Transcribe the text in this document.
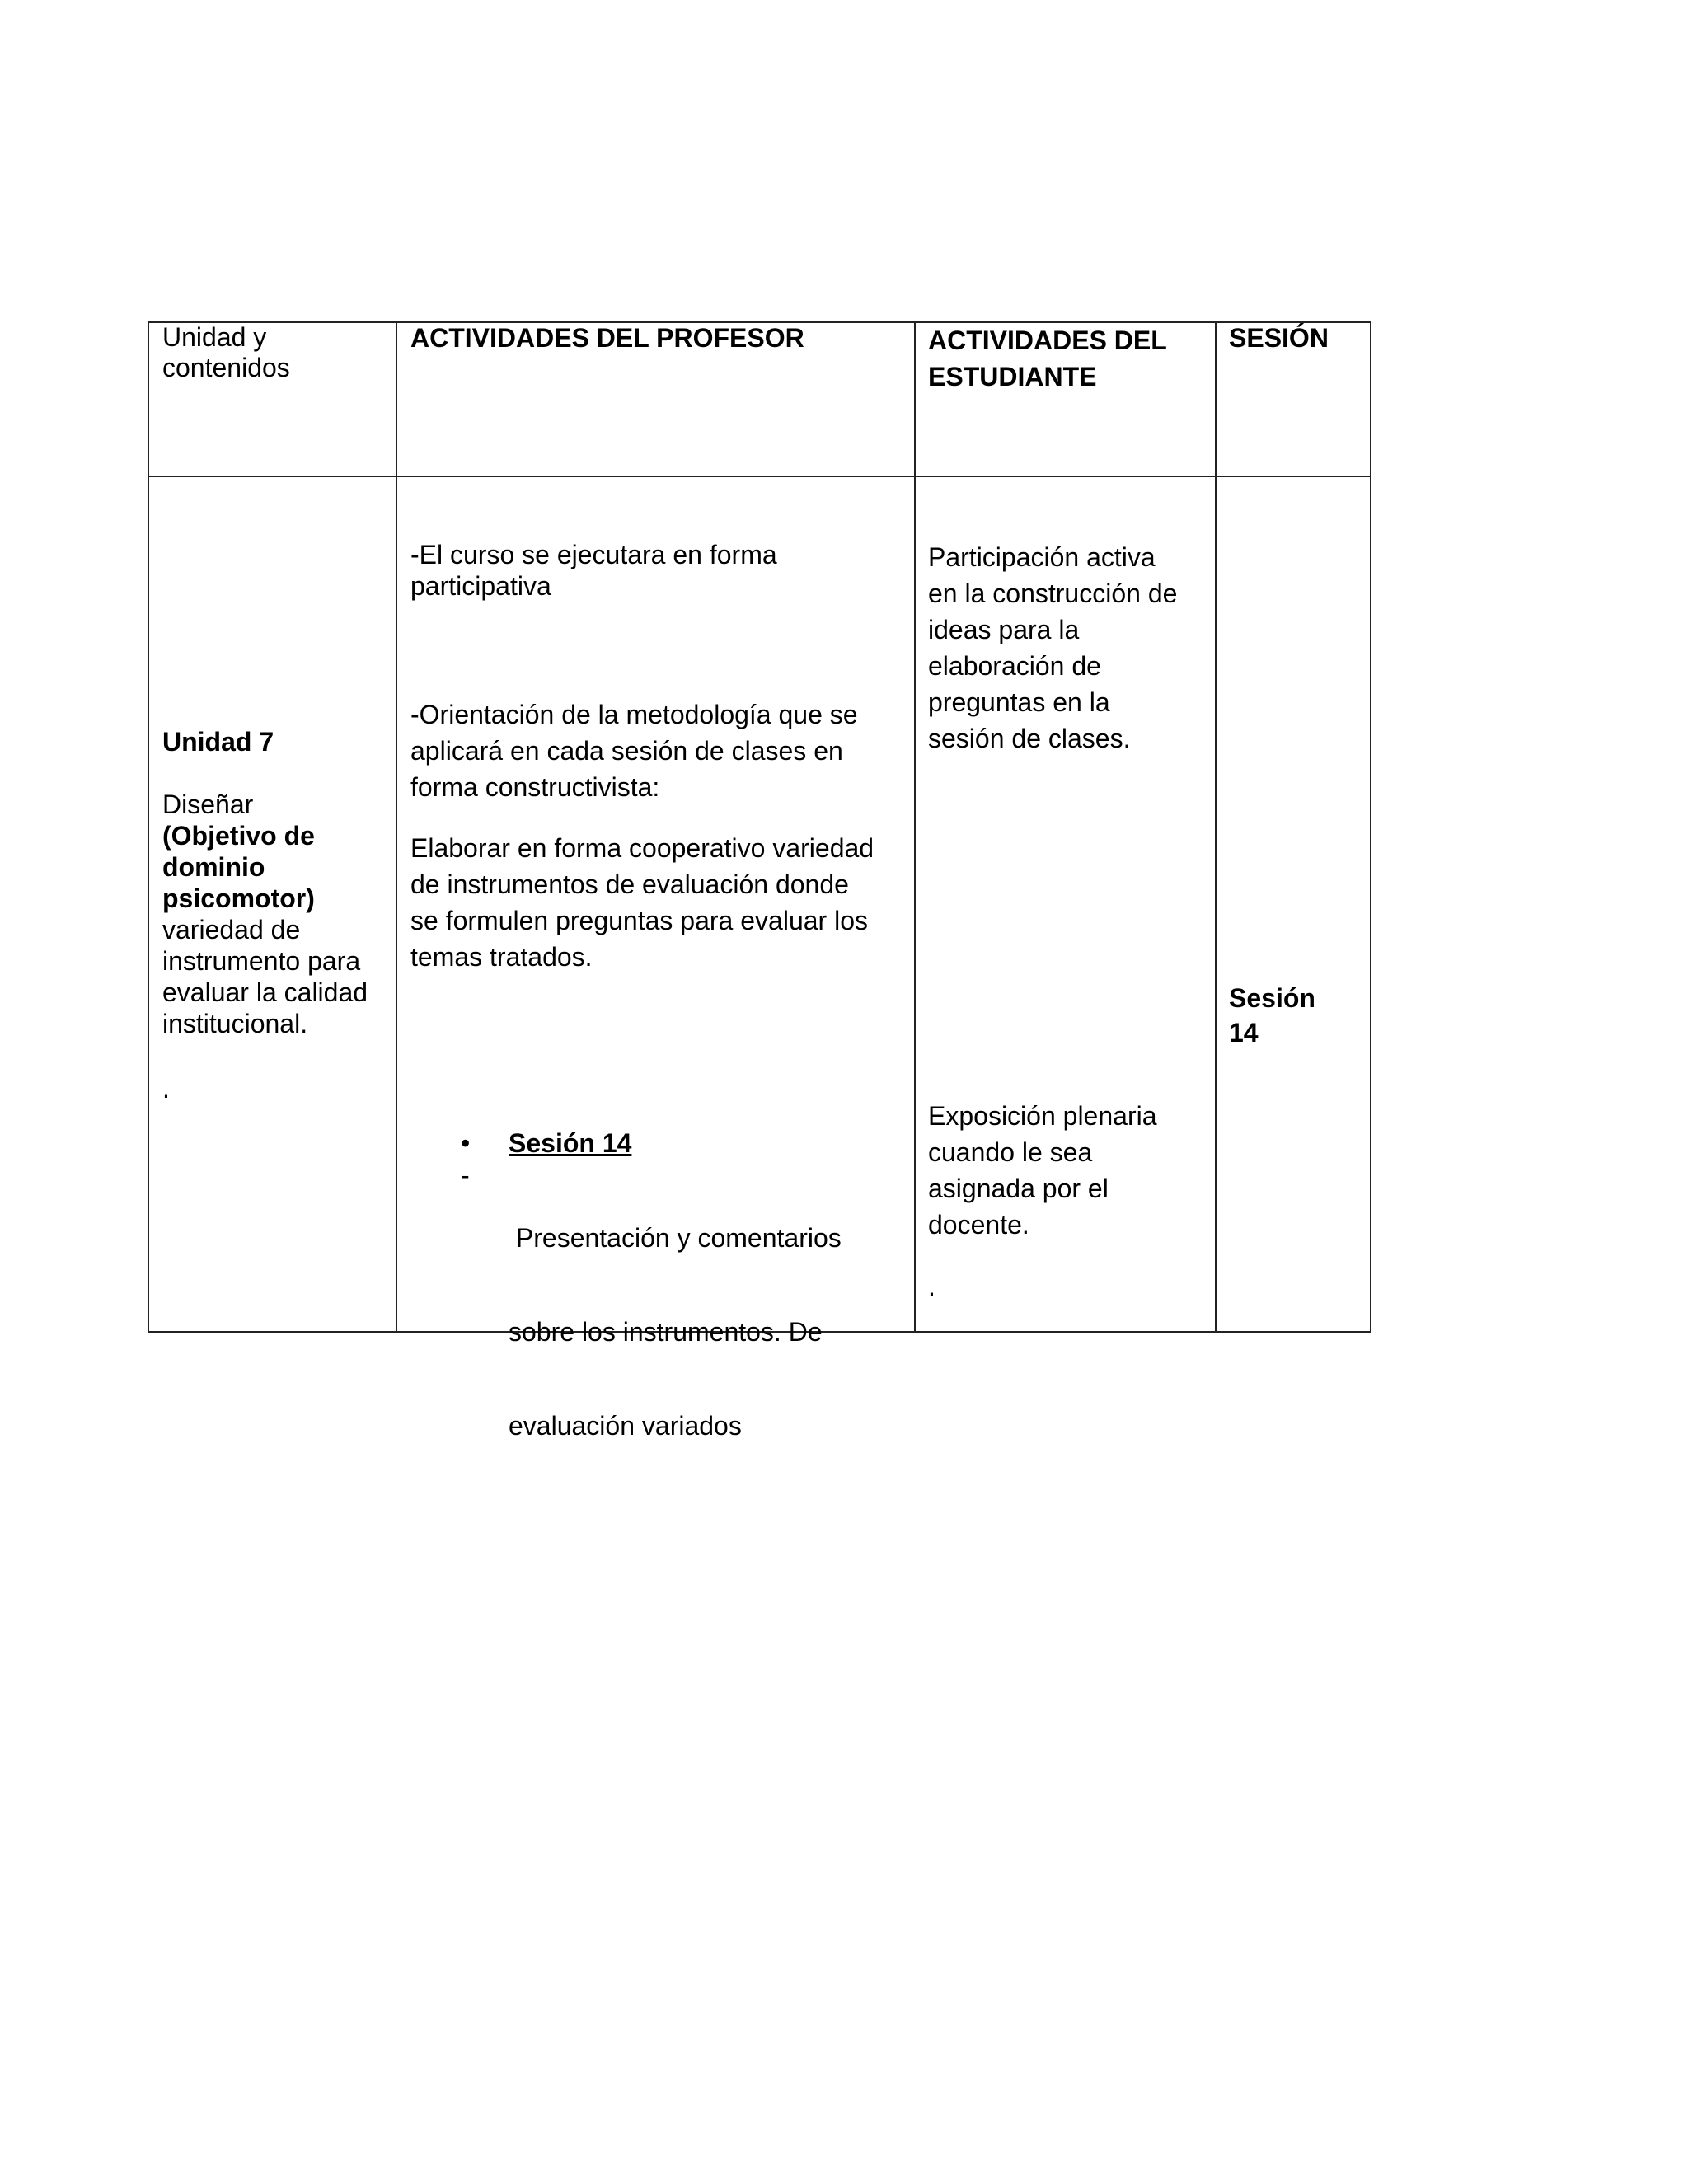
Unidad y
contenidos
ACTIVIDADES DEL PROFESOR	ACTIVIDADES DEL
ESTUDIANTE
SESIÓN
Unidad 7
Diseñar
(Objetivo de
dominio
psicomotor)
variedad de
instrumento para
evaluar la calidad
institucional.
.
-El curso se ejecutara en forma
participativa
-Orientación de la metodología que se
aplicará en cada sesión de clases en
forma constructivista:
Elaborar en forma cooperativo variedad
de instrumentos de evaluación donde
se formulen preguntas para evaluar los
temas tratados.
• Sesión 14
-

Presentación y comentarios

sobre los instrumentos. De

evaluación variados

Participación activa
en la construcción de
ideas para la
elaboración de
preguntas en la
sesión de clases.
Exposición plenaria
cuando le sea
asignada por el
docente.
.
Sesión
14
